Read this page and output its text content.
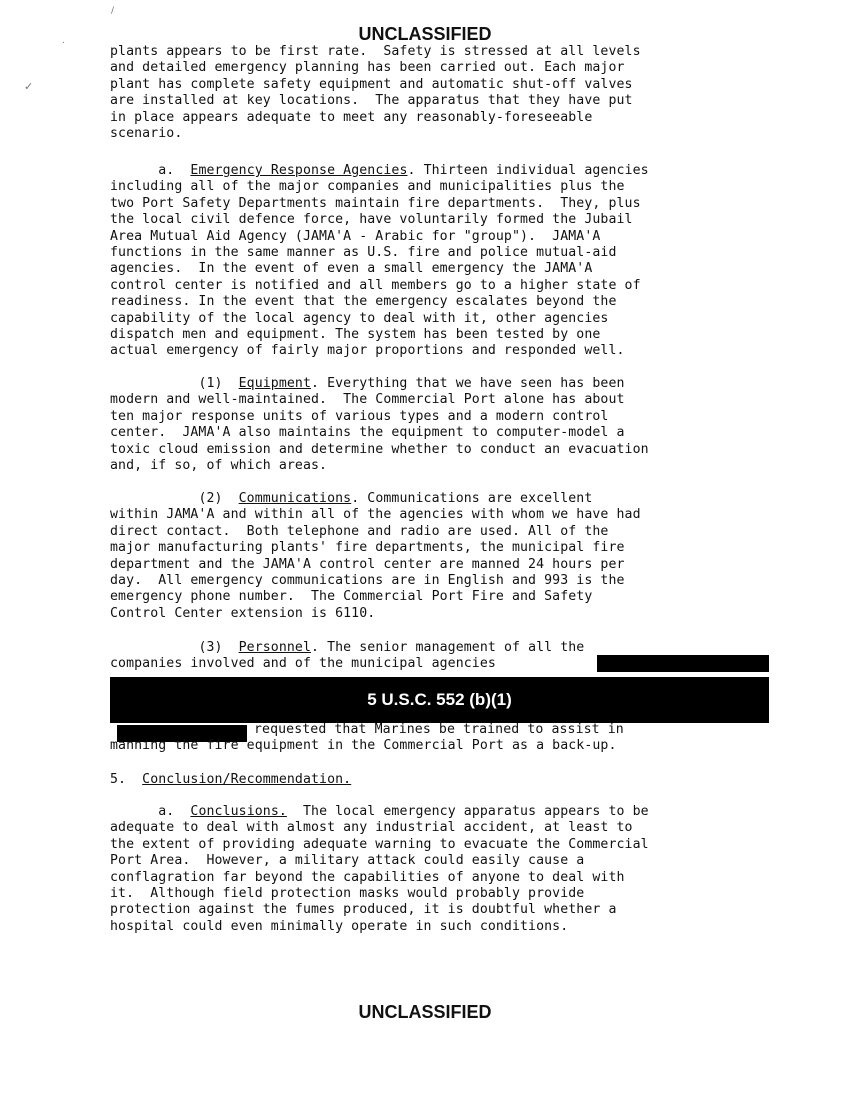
UNCLASSIFIED
/
.
✓
plants appears to be first rate.  Safety is stressed at all levels
and detailed emergency planning has been carried out. Each major
plant has complete safety equipment and automatic shut-off valves
are installed at key locations.  The apparatus that they have put
in place appears adequate to meet any reasonably-foreseeable
scenario.
a.  Emergency Response Agencies. Thirteen individual agencies
including all of the major companies and municipalities plus the
two Port Safety Departments maintain fire departments.  They, plus
the local civil defence force, have voluntarily formed the Jubail
Area Mutual Aid Agency (JAMA'A - Arabic for "group").  JAMA'A
functions in the same manner as U.S. fire and police mutual-aid
agencies.  In the event of even a small emergency the JAMA'A
control center is notified and all members go to a higher state of
readiness. In the event that the emergency escalates beyond the
capability of the local agency to deal with it, other agencies
dispatch men and equipment. The system has been tested by one
actual emergency of fairly major proportions and responded well.
(1)  Equipment. Everything that we have seen has been
modern and well-maintained.  The Commercial Port alone has about
ten major response units of various types and a modern control
center.  JAMA'A also maintains the equipment to computer-model a
toxic cloud emission and determine whether to conduct an evacuation
and, if so, of which areas.
(2)  Communications. Communications are excellent
within JAMA'A and within all of the agencies with whom we have had
direct contact.  Both telephone and radio are used. All of the
major manufacturing plants' fire departments, the municipal fire
department and the JAMA'A control center are manned 24 hours per
day.  All emergency communications are in English and 993 is the
emergency phone number.  The Commercial Port Fire and Safety
Control Center extension is 6110.
(3)  Personnel. The senior management of all the
companies involved and of the municipal agencies
5 U.S.C. 552 (b)(1)
requested that Marines be trained to assist in
manning the fire equipment in the Commercial Port as a back-up.
5.  Conclusion/Recommendation.
a.  Conclusions.  The local emergency apparatus appears to be
adequate to deal with almost any industrial accident, at least to
the extent of providing adequate warning to evacuate the Commercial
Port Area.  However, a military attack could easily cause a
conflagration far beyond the capabilities of anyone to deal with
it.  Although field protection masks would probably provide
protection against the fumes produced, it is doubtful whether a
hospital could even minimally operate in such conditions.
UNCLASSIFIED
